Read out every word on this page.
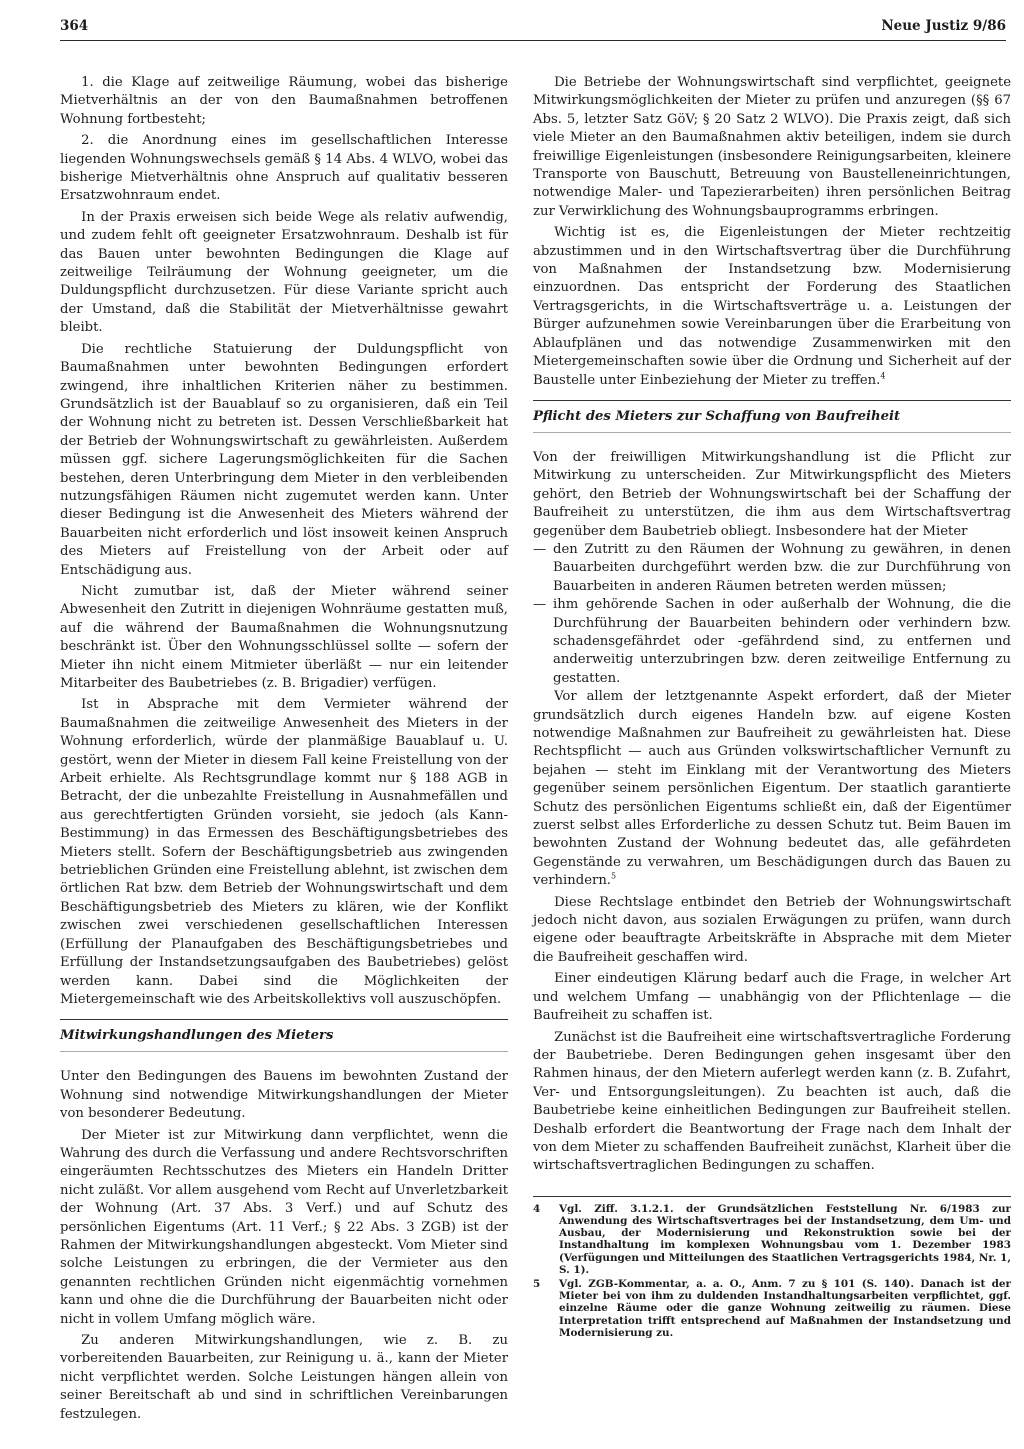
364	Neue Justiz 9/86

1. die Klage auf zeitweilige Räumung, wobei das bisherige Mietverhältnis an der von den Baumaßnahmen betroffenen Wohnung fortbesteht;

2. die Anordnung eines im gesellschaftlichen Interesse liegenden Wohnungswechsels gemäß § 14 Abs. 4 WLVO, wobei das bisherige Mietverhältnis ohne Anspruch auf qualitativ besseren Ersatzwohnraum endet.

In der Praxis erweisen sich beide Wege als relativ aufwendig, und zudem fehlt oft geeigneter Ersatzwohnraum. Deshalb ist für das Bauen unter bewohnten Bedingungen die Klage auf zeitweilige Teilräumung der Wohnung geeigneter, um die Duldungspflicht durchzusetzen. Für diese Variante spricht auch der Umstand, daß die Stabilität der Mietverhältnisse gewahrt bleibt.

Die rechtliche Statuierung der Duldungspflicht von Baumaßnahmen unter bewohnten Bedingungen erfordert zwingend, ihre inhaltlichen Kriterien näher zu bestimmen. Grundsätzlich ist der Bauablauf so zu organisieren, daß ein Teil der Wohnung nicht zu betreten ist. Dessen Verschließbarkeit hat der Betrieb der Wohnungswirtschaft zu gewährleisten. Außerdem müssen ggf. sichere Lagerungsmöglichkeiten für die Sachen bestehen, deren Unterbringung dem Mieter in den verbleibenden nutzungsfähigen Räumen nicht zugemutet werden kann. Unter dieser Bedingung ist die Anwesenheit des Mieters während der Bauarbeiten nicht erforderlich und löst insoweit keinen Anspruch des Mieters auf Freistellung von der Arbeit oder auf Entschädigung aus.

Nicht zumutbar ist, daß der Mieter während seiner Abwesenheit den Zutritt in diejenigen Wohnräume gestatten muß, auf die während der Baumaßnahmen die Wohnungsnutzung beschränkt ist. Über den Wohnungsschlüssel sollte — sofern der Mieter ihn nicht einem Mitmieter überläßt — nur ein leitender Mitarbeiter des Baubetriebes (z. B. Brigadier) verfügen.

Ist in Absprache mit dem Vermieter während der Baumaßnahmen die zeitweilige Anwesenheit des Mieters in der Wohnung erforderlich, würde der planmäßige Bauablauf u. U. gestört, wenn der Mieter in diesem Fall keine Freistellung von der Arbeit erhielte. Als Rechtsgrundlage kommt nur § 188 AGB in Betracht, der die unbezahlte Freistellung in Ausnahmefällen und aus gerechtfertigten Gründen vorsieht, sie jedoch (als Kann-Bestimmung) in das Ermessen des Beschäftigungsbetriebes des Mieters stellt. Sofern der Beschäftigungsbetrieb aus zwingenden betrieblichen Gründen eine Freistellung ablehnt, ist zwischen dem örtlichen Rat bzw. dem Betrieb der Wohnungswirtschaft und dem Beschäftigungsbetrieb des Mieters zu klären, wie der Konflikt zwischen zwei verschiedenen gesellschaftlichen Interessen (Erfüllung der Planaufgaben des Beschäftigungsbetriebes und Erfüllung der Instandsetzungsaufgaben des Baubetriebes) gelöst werden kann. Dabei sind die Möglichkeiten der Mietergemeinschaft wie des Arbeitskollektivs voll auszuschöpfen.

Mitwirkungshandlungen des Mieters

Unter den Bedingungen des Bauens im bewohnten Zustand der Wohnung sind notwendige Mitwirkungshandlungen der Mieter von besonderer Bedeutung.

Der Mieter ist zur Mitwirkung dann verpflichtet, wenn die Wahrung des durch die Verfassung und andere Rechtsvorschriften eingeräumten Rechtsschutzes des Mieters ein Handeln Dritter nicht zuläßt. Vor allem ausgehend vom Recht auf Unverletzbarkeit der Wohnung (Art. 37 Abs. 3 Verf.) und auf Schutz des persönlichen Eigentums (Art. 11 Verf.; § 22 Abs. 3 ZGB) ist der Rahmen der Mitwirkungshandlungen abgesteckt. Vom Mieter sind solche Leistungen zu erbringen, die der Vermieter aus den genannten rechtlichen Gründen nicht eigenmächtig vornehmen kann und ohne die die Durchführung der Bauarbeiten nicht oder nicht in vollem Umfang möglich wäre.

Zu anderen Mitwirkungshandlungen, wie z. B. zu vorbereitenden Bauarbeiten, zur Reinigung u. ä., kann der Mieter nicht verpflichtet werden. Solche Leistungen hängen allein von seiner Bereitschaft ab und sind in schriftlichen Vereinbarungen festzulegen.

Die Betriebe der Wohnungswirtschaft sind verpflichtet, geeignete Mitwirkungsmöglichkeiten der Mieter zu prüfen und anzuregen (§§ 67 Abs. 5, letzter Satz GöV; § 20 Satz 2 WLVO). Die Praxis zeigt, daß sich viele Mieter an den Baumaßnahmen aktiv beteiligen, indem sie durch freiwillige Eigenleistungen (insbesondere Reinigungsarbeiten, kleinere Transporte von Bauschutt, Betreuung von Baustelleneinrichtungen, notwendige Maler- und Tapezierarbeiten) ihren persönlichen Beitrag zur Verwirklichung des Wohnungsbauprogramms erbringen.

Wichtig ist es, die Eigenleistungen der Mieter rechtzeitig abzustimmen und in den Wirtschaftsvertrag über die Durchführung von Maßnahmen der Instandsetzung bzw. Modernisierung einzuordnen. Das entspricht der Forderung des Staatlichen Vertragsgerichts, in die Wirtschaftsverträge u. a. Leistungen der Bürger aufzunehmen sowie Vereinbarungen über die Erarbeitung von Ablaufplänen und das notwendige Zusammenwirken mit den Mietergemeinschaften sowie über die Ordnung und Sicherheit auf der Baustelle unter Einbeziehung der Mieter zu treffen.$^4$

Pflicht des Mieters zur Schaffung von Baufreiheit

Von der freiwilligen Mitwirkungshandlung ist die Pflicht zur Mitwirkung zu unterscheiden. Zur Mitwirkungspflicht des Mieters gehört, den Betrieb der Wohnungswirtschaft bei der Schaffung der Baufreiheit zu unterstützen, die ihm aus dem Wirtschaftsvertrag gegenüber dem Baubetrieb obliegt. Insbesondere hat der Mieter

— den Zutritt zu den Räumen der Wohnung zu gewähren, in denen Bauarbeiten durchgeführt werden bzw. die zur Durchführung von Bauarbeiten in anderen Räumen betreten werden müssen;
— ihm gehörende Sachen in oder außerhalb der Wohnung, die die Durchführung der Bauarbeiten behindern oder verhindern bzw. schadensgefährdet oder -gefährdend sind, zu entfernen und anderweitig unterzubringen bzw. deren zeitweilige Entfernung zu gestatten.

Vor allem der letztgenannte Aspekt erfordert, daß der Mieter grundsätzlich durch eigenes Handeln bzw. auf eigene Kosten notwendige Maßnahmen zur Baufreiheit zu gewährleisten hat. Diese Rechtspflicht — auch aus Gründen volkswirtschaftlicher Vernunft zu bejahen — steht im Einklang mit der Verantwortung des Mieters gegenüber seinem persönlichen Eigentum. Der staatlich garantierte Schutz des persönlichen Eigentums schließt ein, daß der Eigentümer zuerst selbst alles Erforderliche zu dessen Schutz tut. Beim Bauen im bewohnten Zustand der Wohnung bedeutet das, alle gefährdeten Gegenstände zu verwahren, um Beschädigungen durch das Bauen zu verhindern.$^5$

Diese Rechtslage entbindet den Betrieb der Wohnungswirtschaft jedoch nicht davon, aus sozialen Erwägungen zu prüfen, wann durch eigene oder beauftragte Arbeitskräfte in Absprache mit dem Mieter die Baufreiheit geschaffen wird.

Einer eindeutigen Klärung bedarf auch die Frage, in welcher Art und welchem Umfang — unabhängig von der Pflichtenlage — die Baufreiheit zu schaffen ist.

Zunächst ist die Baufreiheit eine wirtschaftsvertragliche Forderung der Baubetriebe. Deren Bedingungen gehen insgesamt über den Rahmen hinaus, der den Mietern auferlegt werden kann (z. B. Zufahrt, Ver- und Entsorgungsleitungen). Zu beachten ist auch, daß die Baubetriebe keine einheitlichen Bedingungen zur Baufreiheit stellen. Deshalb erfordert die Beantwortung der Frage nach dem Inhalt der von dem Mieter zu schaffenden Baufreiheit zunächst, Klarheit über die wirtschaftsvertraglichen Bedingungen zu schaffen.

4	Vgl. Ziff. 3.1.2.1. der Grundsätzlichen Feststellung Nr. 6/1983 zur Anwendung des Wirtschaftsvertrages bei der Instandsetzung, dem Um- und Ausbau, der Modernisierung und Rekonstruktion sowie bei der Instandhaltung im komplexen Wohnungsbau vom 1. Dezember 1983 (Verfügungen und Mitteilungen des Staatlichen Vertragsgerichts 1984, Nr. 1, S. 1).
5	Vgl. ZGB-Kommentar, a. a. O., Anm. 7 zu § 101 (S. 140). Danach ist der Mieter bei von ihm zu duldenden Instandhaltungsarbeiten verpflichtet, ggf. einzelne Räume oder die ganze Wohnung zeitweilig zu räumen. Diese Interpretation trifft entsprechend auf Maßnahmen der Instandsetzung und Modernisierung zu.
